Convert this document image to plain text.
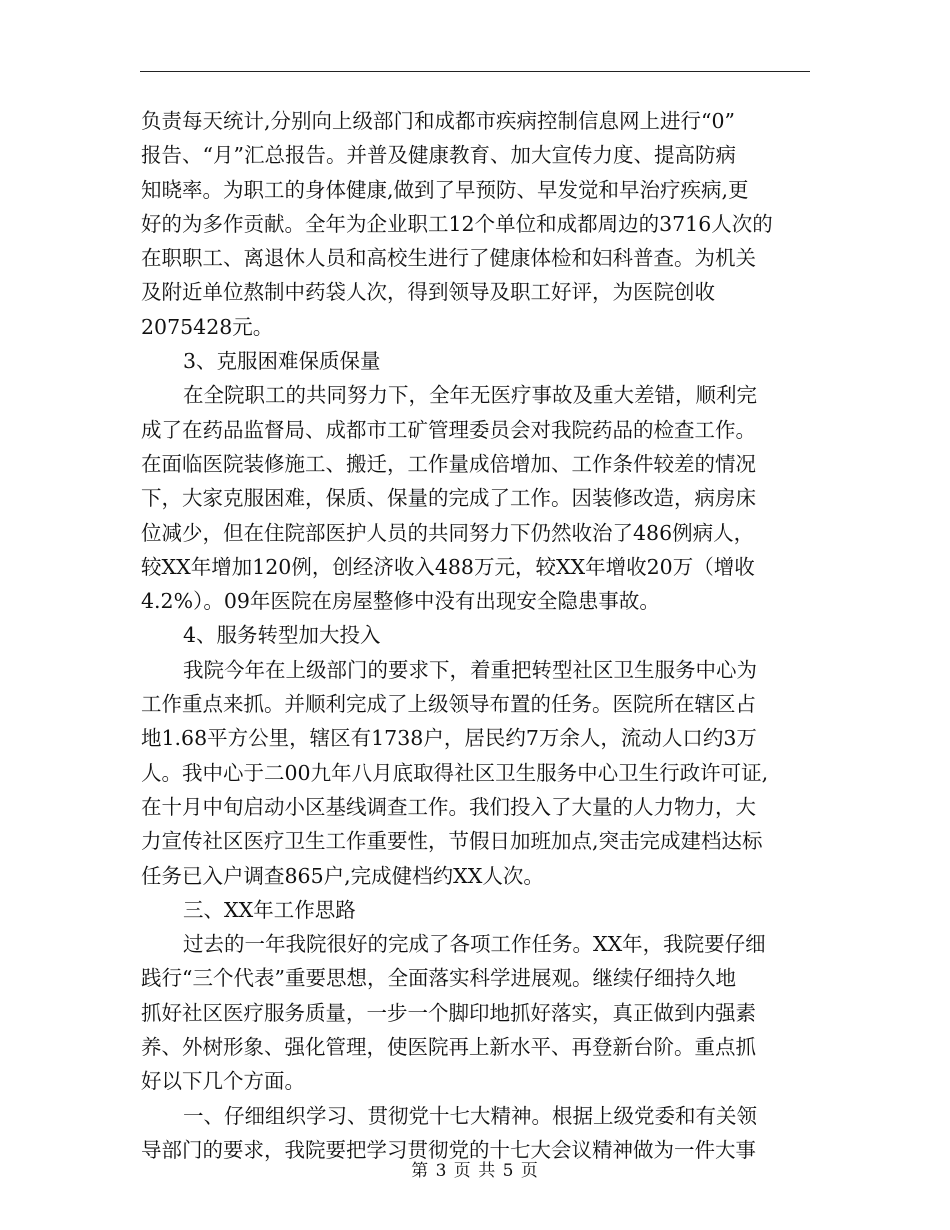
负责每天统计,分别向上级部门和成都市疾病控制信息网上进行“0”
报告、“月”汇总报告。并普及健康教育、加大宣传力度、提高防病
知晓率。为职工的身体健康,做到了早预防、早发觉和早治疗疾病,更
好的为多作贡献。全年为企业职工12个单位和成都周边的3716人次的
在职职工、离退休人员和高校生进行了健康体检和妇科普查。为机关
及附近单位熬制中药袋人次，得到领导及职工好评，为医院创收
2075428元。
3、克服困难保质保量
在全院职工的共同努力下，全年无医疗事故及重大差错，顺利完
成了在药品监督局、成都市工矿管理委员会对我院药品的检查工作。
在面临医院装修施工、搬迁，工作量成倍增加、工作条件较差的情况
下，大家克服困难，保质、保量的完成了工作。因装修改造，病房床
位减少，但在住院部医护人员的共同努力下仍然收治了486例病人，
较XX年增加120例，创经济收入488万元，较XX年增收20万（增收
4.2%）。09年医院在房屋整修中没有出现安全隐患事故。
4、服务转型加大投入
我院今年在上级部门的要求下，着重把转型社区卫生服务中心为
工作重点来抓。并顺利完成了上级领导布置的任务。医院所在辖区占
地1.68平方公里，辖区有1738户，居民约7万余人，流动人口约3万
人。我中心于二00九年八月底取得社区卫生服务中心卫生行政许可证,
在十月中旬启动小区基线调查工作。我们投入了大量的人力物力，大
力宣传社区医疗卫生工作重要性，节假日加班加点,突击完成建档达标
任务已入户调查865户,完成健档约XX人次。
三、XX年工作思路
过去的一年我院很好的完成了各项工作任务。XX年，我院要仔细
践行“三个代表”重要思想，全面落实科学进展观。继续仔细持久地
抓好社区医疗服务质量，一步一个脚印地抓好落实，真正做到内强素
养、外树形象、强化管理，使医院再上新水平、再登新台阶。重点抓
好以下几个方面。
一、仔细组织学习、贯彻党十七大精神。根据上级党委和有关领
导部门的要求，我院要把学习贯彻党的十七大会议精神做为一件大事
第 3 页 共 5 页
